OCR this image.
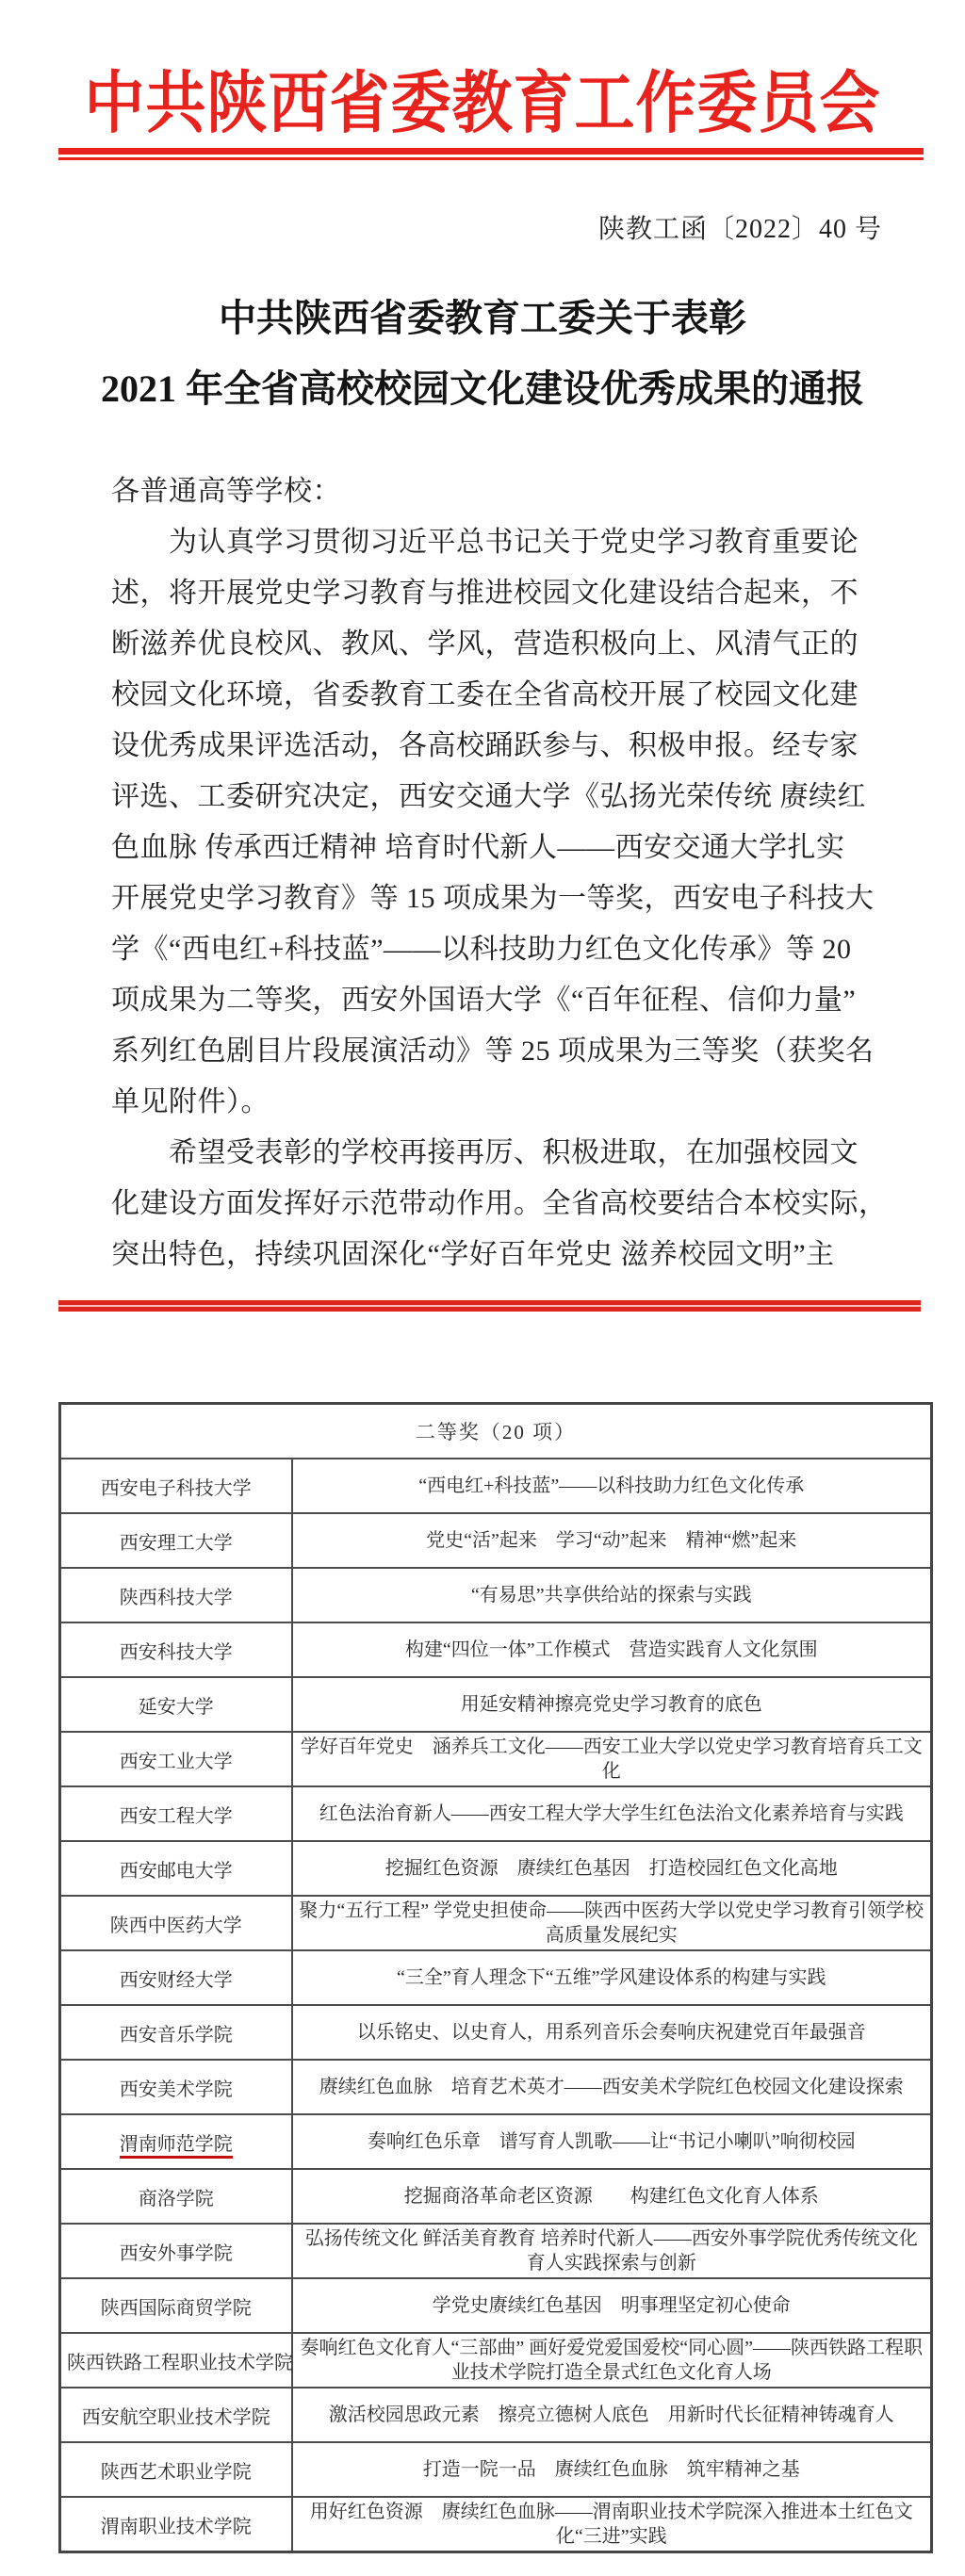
中共陕西省委教育工作委员会
陕教工函〔2022〕40 号
中共陕西省委教育工委关于表彰
2021 年全省高校校园文化建设优秀成果的通报
各普通高等学校：
　　为认真学习贯彻习近平总书记关于党史学习教育重要论
述，将开展党史学习教育与推进校园文化建设结合起来，不
断滋养优良校风、教风、学风，营造积极向上、风清气正的
校园文化环境，省委教育工委在全省高校开展了校园文化建
设优秀成果评选活动，各高校踊跃参与、积极申报。经专家
评选、工委研究决定，西安交通大学《弘扬光荣传统 赓续红
色血脉 传承西迁精神 培育时代新人——西安交通大学扎实
开展党史学习教育》等 15 项成果为一等奖，西安电子科技大
学《“西电红+科技蓝”——以科技助力红色文化传承》等 20
项成果为二等奖，西安外国语大学《“百年征程、信仰力量”
系列红色剧目片段展演活动》等 25 项成果为三等奖（获奖名
单见附件）。
　　希望受表彰的学校再接再厉、积极进取，在加强校园文
化建设方面发挥好示范带动作用。全省高校要结合本校实际，
突出特色，持续巩固深化“学好百年党史 滋养校园文明”主
二等奖（20 项）	
西安电子科技大学	“西电红+科技蓝”——以科技助力红色文化传承
西安理工大学	党史“活”起来　学习“动”起来　精神“燃”起来
陕西科技大学	“有易思”共享供给站的探索与实践
西安科技大学	构建“四位一体”工作模式　营造实践育人文化氛围
延安大学	用延安精神擦亮党史学习教育的底色
西安工业大学	学好百年党史　涵养兵工文化——西安工业大学以党史学习教育培育兵工文化
西安工程大学	红色法治育新人——西安工程大学大学生红色法治文化素养培育与实践
西安邮电大学	挖掘红色资源　赓续红色基因　打造校园红色文化高地
陕西中医药大学	聚力“五行工程” 学党史担使命——陕西中医药大学以党史学习教育引领学校高质量发展纪实
西安财经大学	“三全”育人理念下“五维”学风建设体系的构建与实践
西安音乐学院	以乐铭史、以史育人，用系列音乐会奏响庆祝建党百年最强音
西安美术学院	赓续红色血脉　培育艺术英才——西安美术学院红色校园文化建设探索
渭南师范学院	奏响红色乐章　谱写育人凯歌——让“书记小喇叭”响彻校园
商洛学院	挖掘商洛革命老区资源　　构建红色文化育人体系
西安外事学院	弘扬传统文化 鲜活美育教育 培养时代新人——西安外事学院优秀传统文化育人实践探索与创新
陕西国际商贸学院	学党史赓续红色基因　明事理坚定初心使命
陕西铁路工程职业技术学院	奏响红色文化育人“三部曲” 画好爱党爱国爱校“同心圆”——陕西铁路工程职业技术学院打造全景式红色文化育人场
西安航空职业技术学院	激活校园思政元素　擦亮立德树人底色　用新时代长征精神铸魂育人
陕西艺术职业学院	打造一院一品　赓续红色血脉　筑牢精神之基
渭南职业技术学院	用好红色资源　赓续红色血脉——渭南职业技术学院深入推进本土红色文化“三进”实践
